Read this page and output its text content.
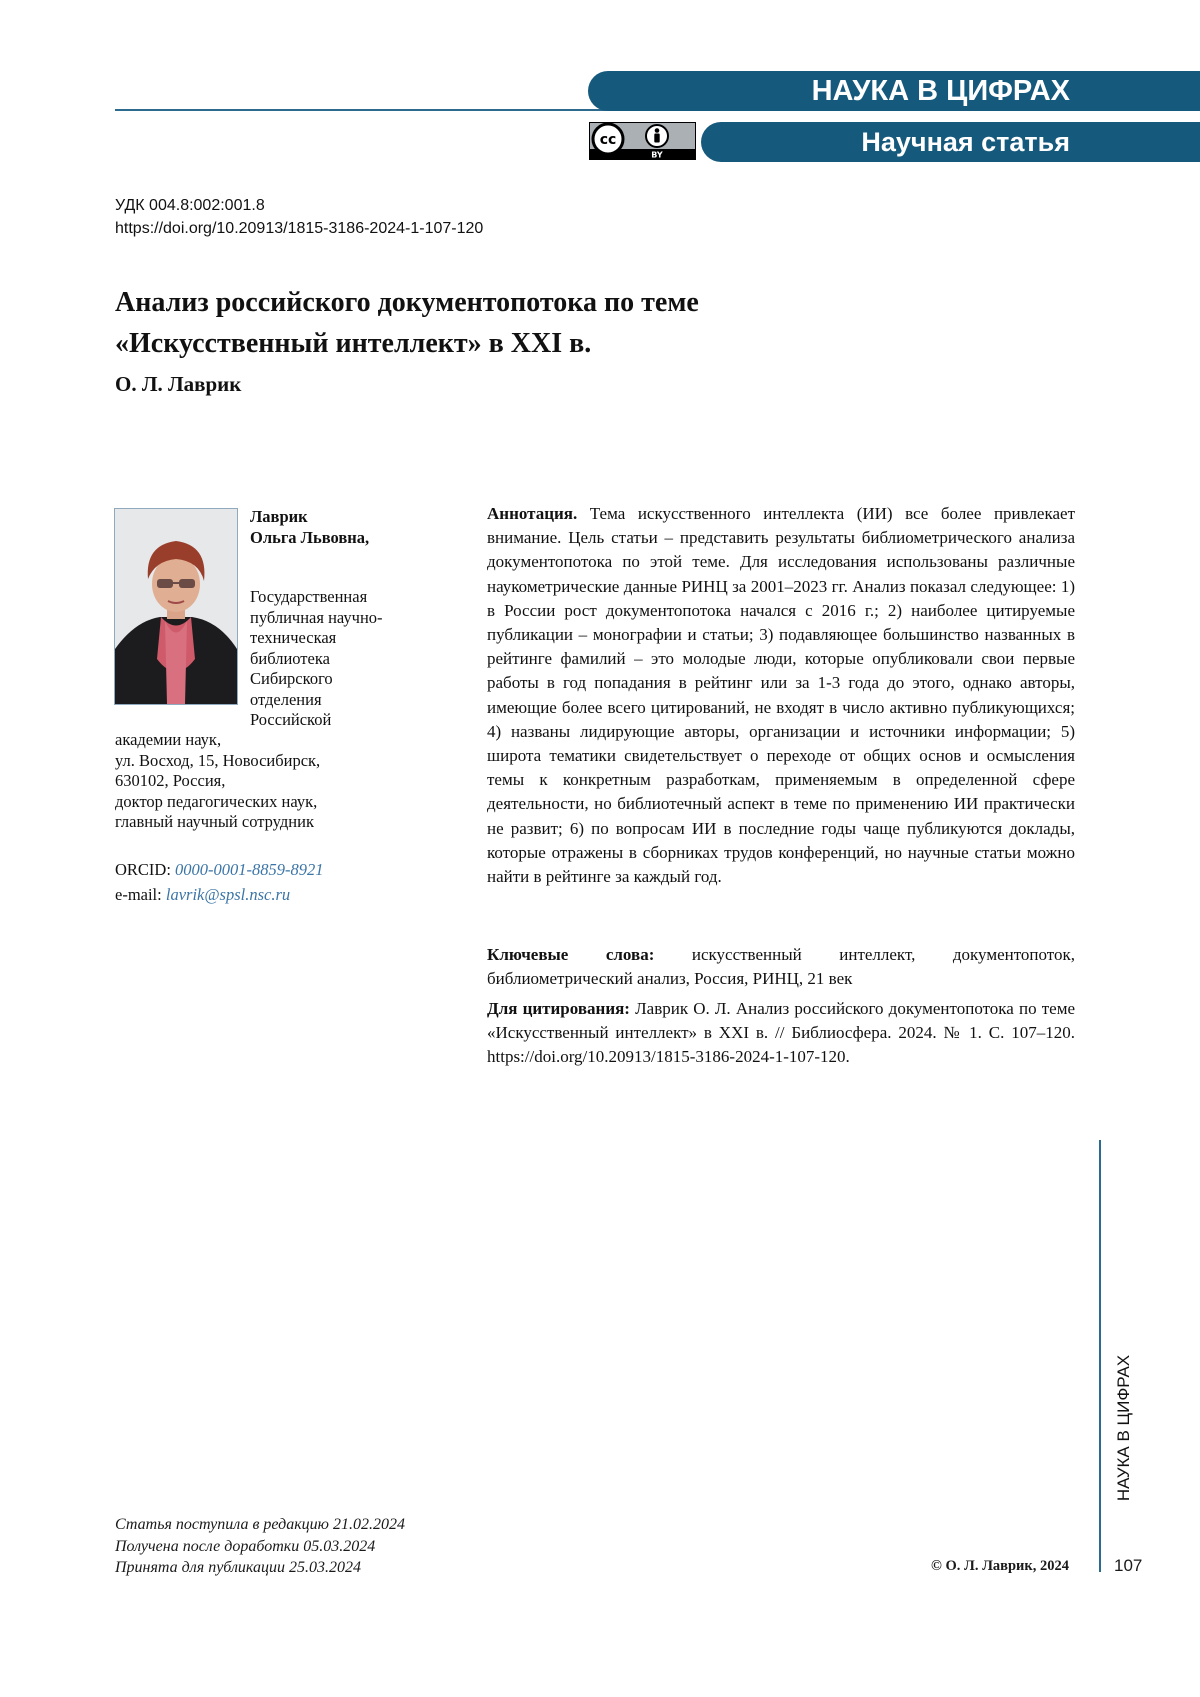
НАУКА В ЦИФРАХ
Научная статья
cc
BY
УДК 004.8:002:001.8
https://doi.org/10.20913/1815-3186-2024-1-107-120
Анализ российского документопотока по теме
«Искусственный интеллект» в XXI в.
О. Л. Лаврик
Лаврик
Ольга Львовна,
Государственная
публичная научно-
техническая
библиотека
Сибирского
отделения
Российской
академии наук,
ул. Восход, 15, Новосибирск,
630102, Россия,
доктор педагогических наук,
главный научный сотрудник
ORCID: 0000-0001-8859-8921
e-mail: lavrik@spsl.nsc.ru
Аннотация. Тема искусственного интеллекта (ИИ) все более привлекает внимание. Цель статьи – представить результаты библиометрического анализа документопотока по этой теме. Для исследования использованы различные наукометрические данные РИНЦ за 2001–2023 гг. Анализ показал следующее: 1) в России рост документопотока начался с 2016 г.; 2) наиболее цитируемые публикации – монографии и статьи; 3) подавляющее большинство названных в рейтинге фамилий – это молодые люди, которые опубликовали свои первые работы в год попадания в рейтинг или за 1-3 года до этого, однако авторы, имеющие более всего цитирований, не входят в число активно публикующихся; 4) названы лидирующие авторы, организации и источники информации; 5) широта тематики свидетельствует о переходе от общих основ и осмысления темы к конкретным разработкам, применяемым в определенной сфере деятельности, но библиотечный аспект в теме по применению ИИ практически не развит; 6) по вопросам ИИ в последние годы чаще публикуются доклады, которые отражены в сборниках трудов конференций, но научные статьи можно найти в рейтинге за каждый год.
Ключевые слова: искусственный интеллект, документопоток, библиометрический анализ, Россия, РИНЦ, 21 век
Для цитирования: Лаврик О. Л. Анализ российского документопотока по теме «Искусственный интеллект» в XXI в. // Библиосфера. 2024. № 1. С. 107–120. https://doi.org/10.20913/1815-3186-2024-1-107-120.
Статья поступила в редакцию 21.02.2024
Получена после доработки 05.03.2024
Принята для публикации 25.03.2024	© О. Л. Лаврик, 2024
НАУКА В ЦИФРАХ
107
